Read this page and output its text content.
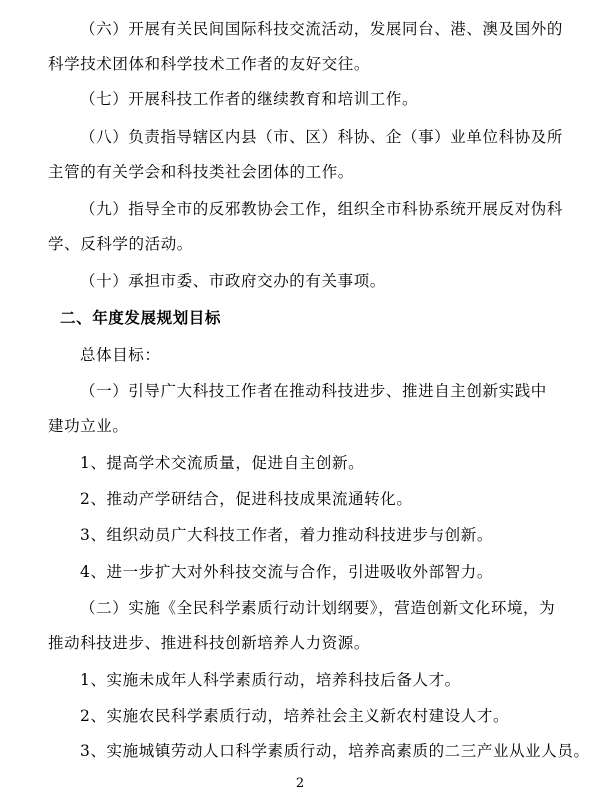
（六）开展有关民间国际科技交流活动，发展同台、港、澳及国外的
科学技术团体和科学技术工作者的友好交往。
（七）开展科技工作者的继续教育和培训工作。
（八）负责指导辖区内县（市、区）科协、企（事）业单位科协及所
主管的有关学会和科技类社会团体的工作。
（九）指导全市的反邪教协会工作，组织全市科协系统开展反对伪科
学、反科学的活动。
（十）承担市委、市政府交办的有关事项。
二、年度发展规划目标
总体目标：
（一）引导广大科技工作者在推动科技进步、推进自主创新实践中
建功立业。
1、提高学术交流质量，促进自主创新。
2、推动产学研结合，促进科技成果流通转化。
3、组织动员广大科技工作者，着力推动科技进步与创新。
4、进一步扩大对外科技交流与合作，引进吸收外部智力。
（二）实施《全民科学素质行动计划纲要》，营造创新文化环境，为
推动科技进步、推进科技创新培养人力资源。
1、实施未成年人科学素质行动，培养科技后备人才。
2、实施农民科学素质行动，培养社会主义新农村建设人才。
3、实施城镇劳动人口科学素质行动，培养高素质的二三产业从业人员。
2
